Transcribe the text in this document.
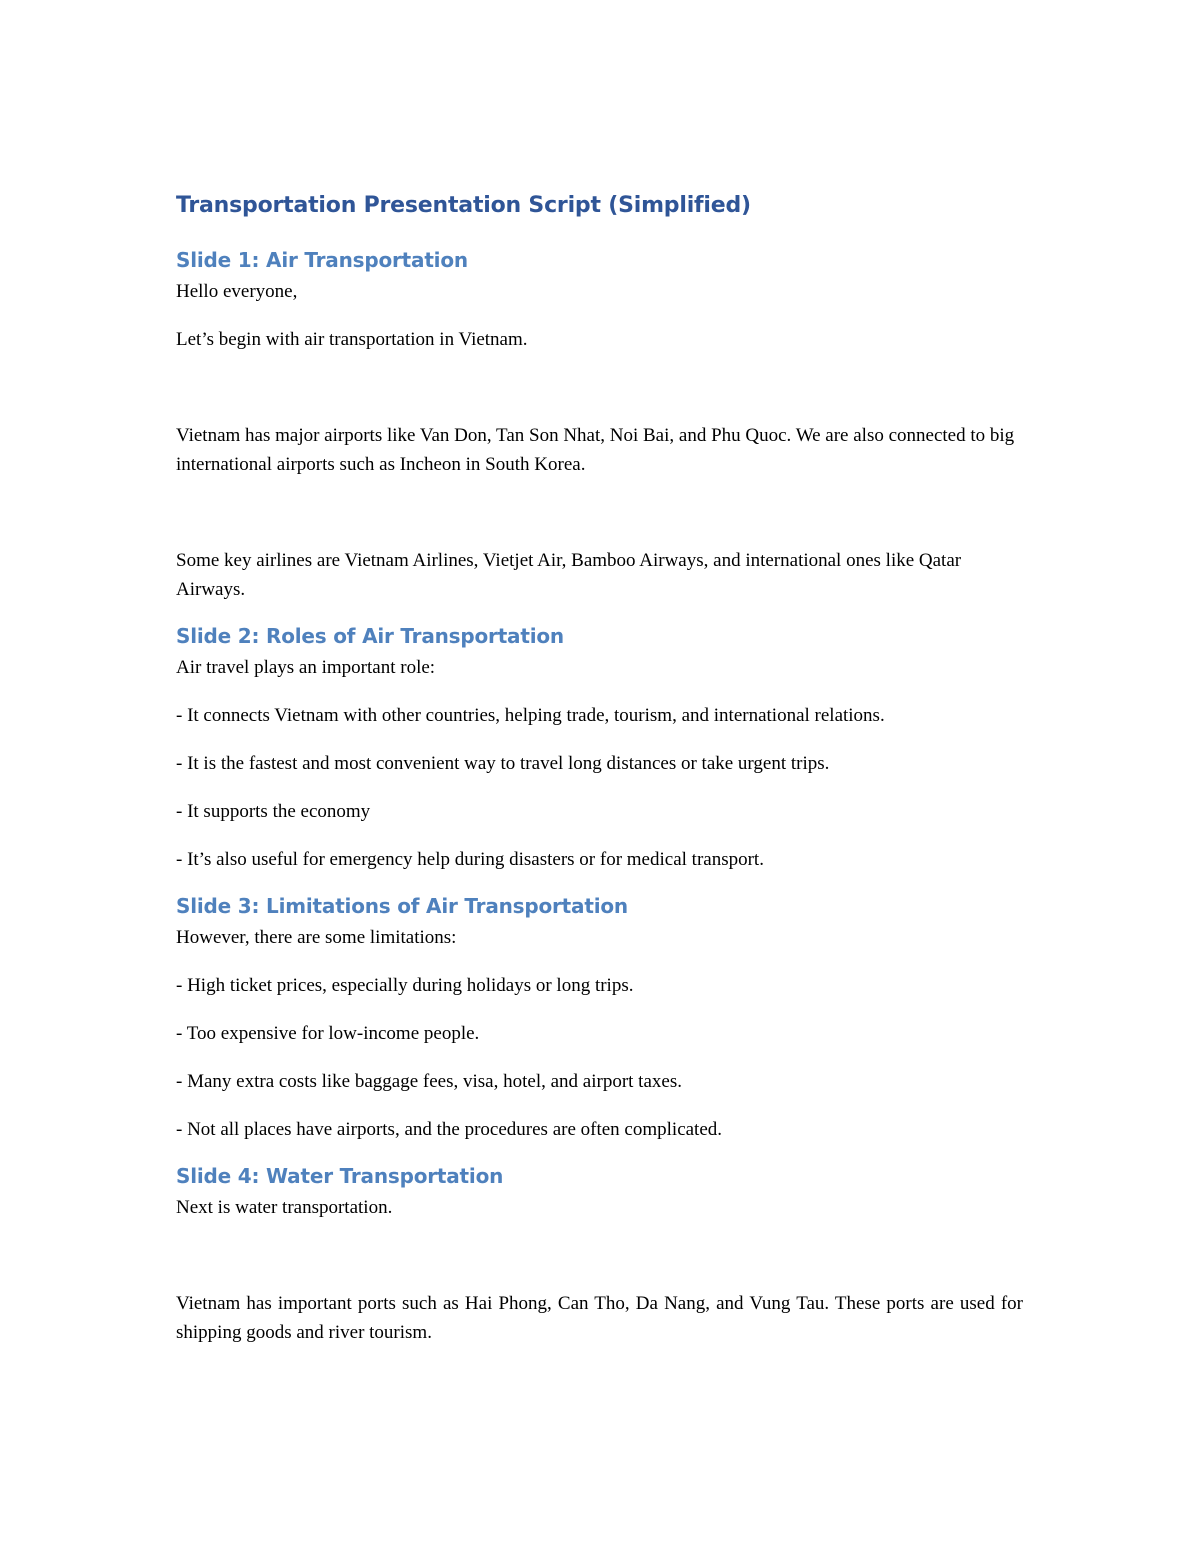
Transportation Presentation Script (Simplified)
Slide 1: Air Transportation

Hello everyone,

Let’s begin with air transportation in Vietnam.

Vietnam has major airports like Van Don, Tan Son Nhat, Noi Bai, and Phu Quoc. We are also connected to big international airports such as Incheon in South Korea.

Some key airlines are Vietnam Airlines, Vietjet Air, Bamboo Airways, and international ones like Qatar Airways.

Slide 2: Roles of Air Transportation

Air travel plays an important role:

- It connects Vietnam with other countries, helping trade, tourism, and international relations.

- It is the fastest and most convenient way to travel long distances or take urgent trips.

- It supports the economy

- It’s also useful for emergency help during disasters or for medical transport.

Slide 3: Limitations of Air Transportation

However, there are some limitations:

- High ticket prices, especially during holidays or long trips.

- Too expensive for low-income people.

- Many extra costs like baggage fees, visa, hotel, and airport taxes.

- Not all places have airports, and the procedures are often complicated.

Slide 4: Water Transportation

Next is water transportation.

Vietnam has important ports such as Hai Phong, Can Tho, Da Nang, and Vung Tau. These ports are used for shipping goods and river tourism.
